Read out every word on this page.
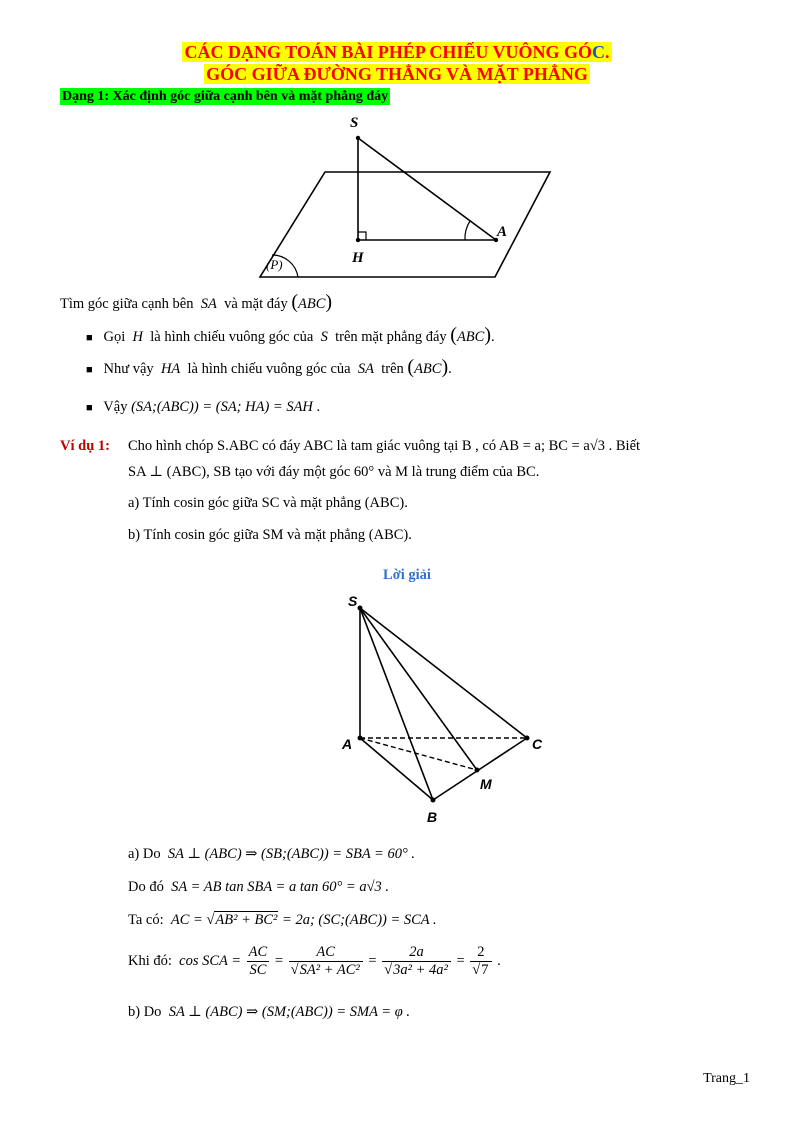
CÁC DẠNG TOÁN BÀI PHÉP CHIẾU VUÔNG GÓC.
GÓC GIỮA ĐƯỜNG THẲNG VÀ MẶT PHẲNG
Dạng 1: Xác định góc giữa cạnh bên và mặt phẳng đáy
S
A
H
(P)
Tìm góc giữa cạnh bên SA và mặt đáy (ABC)
■ Gọi H là hình chiếu vuông góc của S trên mặt phẳng đáy (ABC).
■ Như vậy HA là hình chiếu vuông góc của SA trên (ABC).
■ Vậy (SA;(ABC)) = (SA; HA) = SAH .
Ví dụ 1: Cho hình chóp S.ABC có đáy ABC là tam giác vuông tại B , có AB = a; BC = a√3 . Biết
SA ⊥ (ABC), SB tạo với đáy một góc 60° và M là trung điểm của BC.
a) Tính cosin góc giữa SC và mặt phẳng (ABC).
b) Tính cosin góc giữa SM và mặt phẳng (ABC).
Lời giải
S
A	C
M
B
a) Do SA ⊥ (ABC) ⇒ (SB;(ABC)) = SBA = 60° .
Do đó SA = AB tan SBA = a tan 60° = a√3 .
Ta có: AC = √AB² + BC² = 2a; (SC;(ABC)) = SCA .
Khi đó: cos SCA = $\frac{AC}{SC} = \frac{AC}{\text{√SA² + AC²}} = \frac{2a}{\text{√3a² + 4a²}} = \frac{2}{√7}$ .
b) Do SA ⊥ (ABC) ⇒ (SM;(ABC)) = SMA = φ .
Trang_1
